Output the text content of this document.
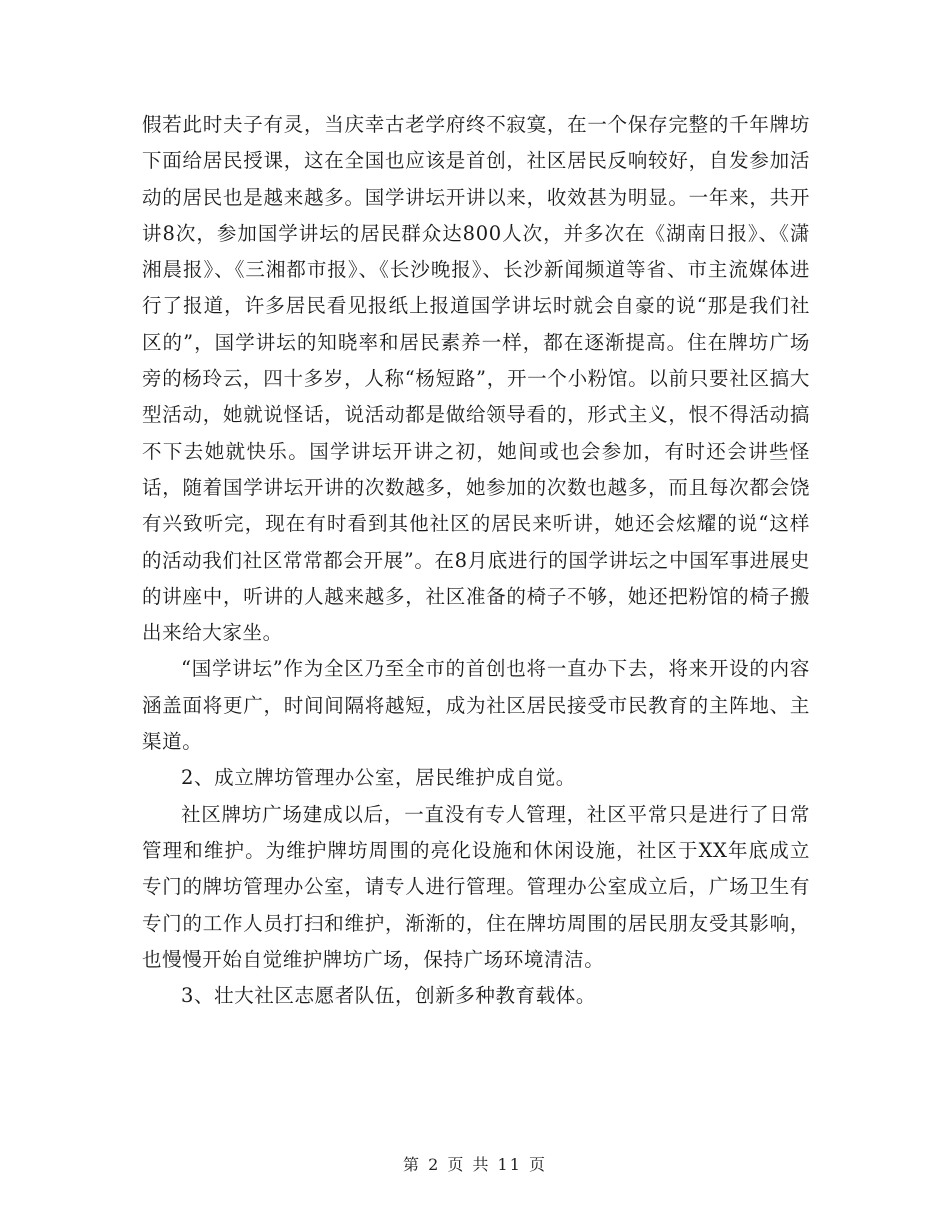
假若此时夫子有灵，当庆幸古老学府终不寂寞，在一个保存完整的千年牌坊下面给居民授课，这在全国也应该是首创，社区居民反响较好，自发参加活动的居民也是越来越多。国学讲坛开讲以来，收效甚为明显。一年来，共开讲8次，参加国学讲坛的居民群众达800人次，并多次在《湖南日报》、《潇湘晨报》、《三湘都市报》、《长沙晚报》、长沙新闻频道等省、市主流媒体进行了报道，许多居民看见报纸上报道国学讲坛时就会自豪的说“那是我们社区的”，国学讲坛的知晓率和居民素养一样，都在逐渐提高。住在牌坊广场旁的杨玲云，四十多岁，人称“杨短路”，开一个小粉馆。以前只要社区搞大型活动，她就说怪话，说活动都是做给领导看的，形式主义，恨不得活动搞不下去她就快乐。国学讲坛开讲之初，她间或也会参加，有时还会讲些怪话，随着国学讲坛开讲的次数越多，她参加的次数也越多，而且每次都会饶有兴致听完，现在有时看到其他社区的居民来听讲，她还会炫耀的说“这样的活动我们社区常常都会开展”。在8月底进行的国学讲坛之中国军事进展史的讲座中，听讲的人越来越多，社区准备的椅子不够，她还把粉馆的椅子搬出来给大家坐。

“国学讲坛”作为全区乃至全市的首创也将一直办下去，将来开设的内容涵盖面将更广，时间间隔将越短，成为社区居民接受市民教育的主阵地、主渠道。

2、成立牌坊管理办公室，居民维护成自觉。

社区牌坊广场建成以后，一直没有专人管理，社区平常只是进行了日常管理和维护。为维护牌坊周围的亮化设施和休闲设施，社区于XX年底成立专门的牌坊管理办公室，请专人进行管理。管理办公室成立后，广场卫生有专门的工作人员打扫和维护，渐渐的，住在牌坊周围的居民朋友受其影响，也慢慢开始自觉维护牌坊广场，保持广场环境清洁。

3、壮大社区志愿者队伍，创新多种教育载体。

第 2 页 共 11 页
